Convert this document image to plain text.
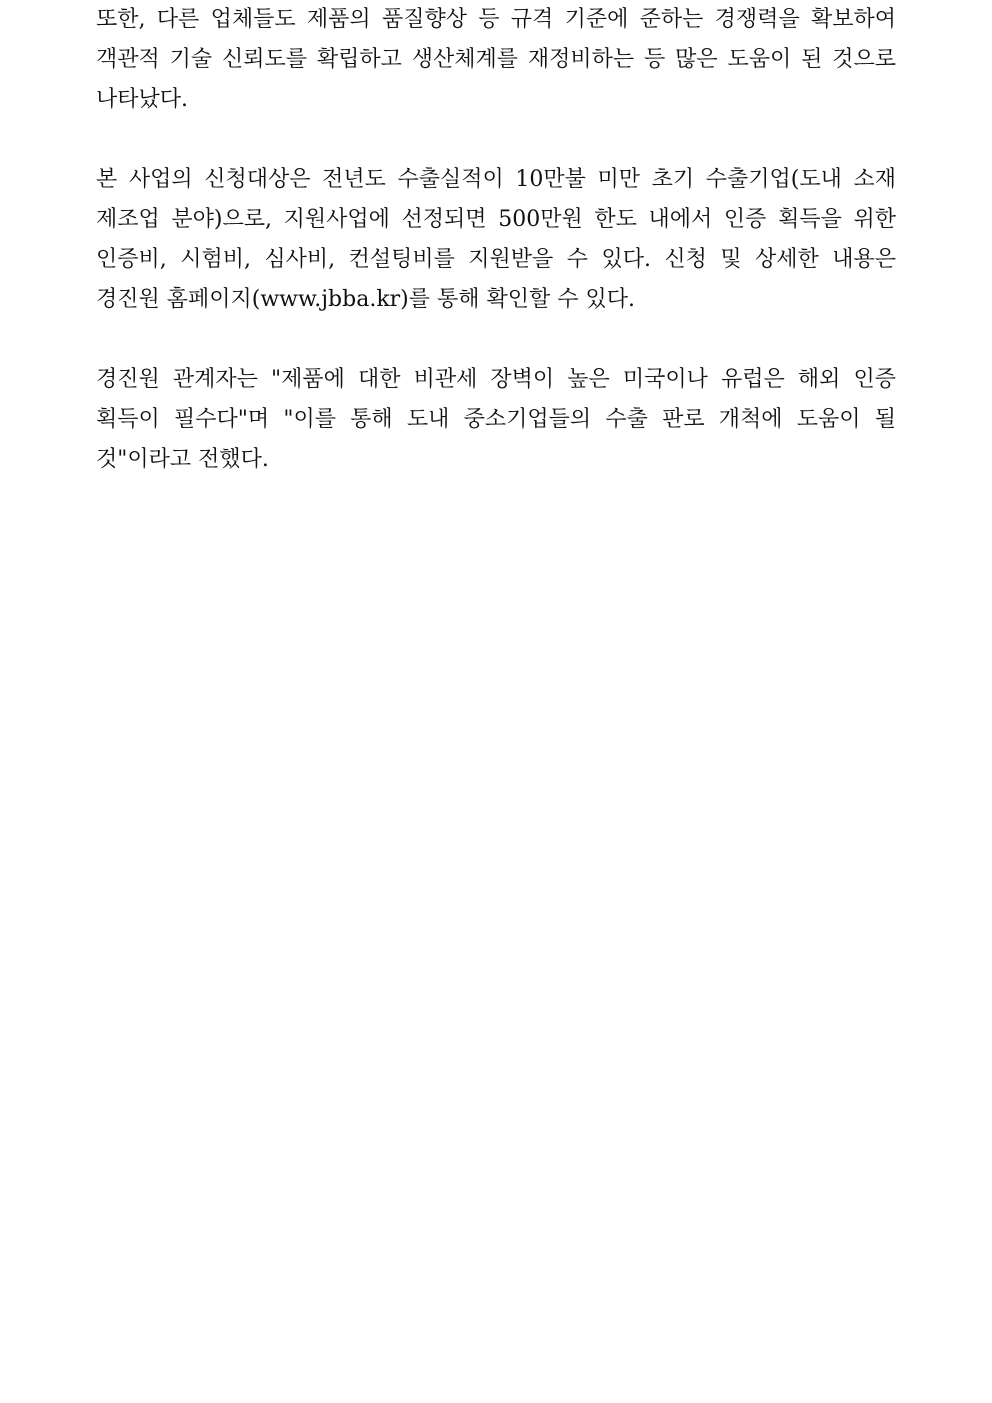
또한, 다른 업체들도 제품의 품질향상 등 규격 기준에 준하는 경쟁력을 확보하여 객관적 기술 신뢰도를 확립하고 생산체계를 재정비하는 등 많은 도움이 된 것으로 나타났다.

본 사업의 신청대상은 전년도 수출실적이 10만불 미만 초기 수출기업(도내 소재 제조업 분야)으로, 지원사업에 선정되면 500만원 한도 내에서 인증 획득을 위한 인증비, 시험비, 심사비, 컨설팅비를 지원받을 수 있다. 신청 및 상세한 내용은 경진원 홈페이지(www.jbba.kr)를 통해 확인할 수 있다.

경진원 관계자는 "제품에 대한 비관세 장벽이 높은 미국이나 유럽은 해외 인증 획득이 필수다"며 "이를 통해 도내 중소기업들의 수출 판로 개척에 도움이 될 것"이라고 전했다.
